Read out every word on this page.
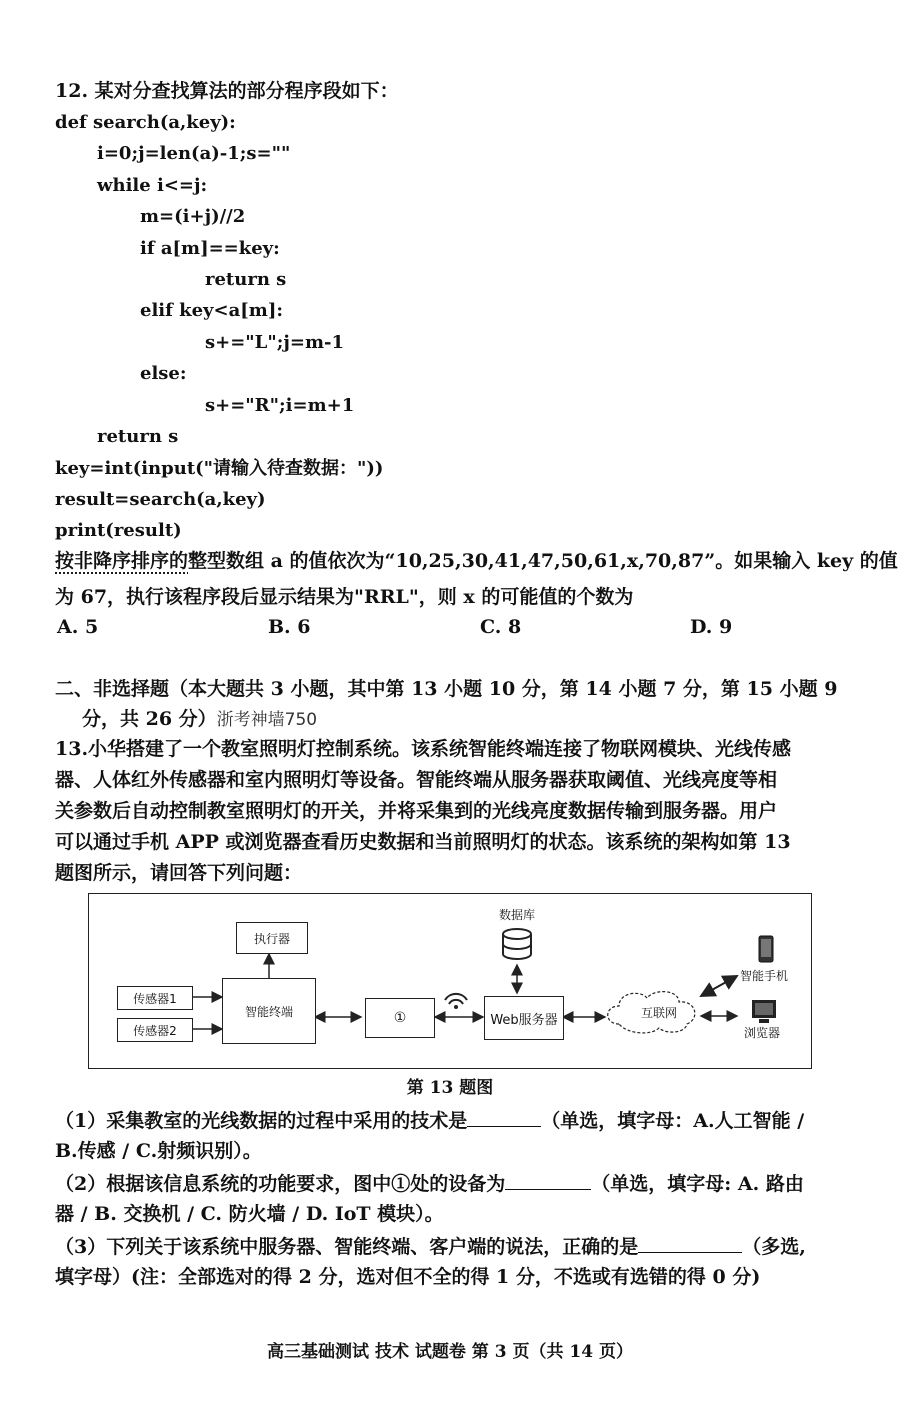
12. 某对分查找算法的部分程序段如下：
def search(a,key):
i=0;j=len(a)-1;s=""
while i<=j:
m=(i+j)//2
if a[m]==key:
return s
elif key<a[m]:
s+="L";j=m-1
else:
s+="R";i=m+1
return s
key=int(input("请输入待查数据："))
result=search(a,key)
print(result)
按非降序排序的整型数组 a 的值依次为“10,25,30,41,47,50,61,x,70,87”。如果输入 key 的值
为 67，执行该程序段后显示结果为"RRL"，则 x 的可能值的个数为
A. 5	B. 6	C. 8	D. 9
二、非选择题（本大题共 3 小题，其中第 13 小题 10 分，第 14 小题 7 分，第 15 小题 9
分，共 26 分）浙考神墙750
13.小华搭建了一个教室照明灯控制系统。该系统智能终端连接了物联网模块、光线传感
器、人体红外传感器和室内照明灯等设备。智能终端从服务器获取阈值、光线亮度等相
关参数后自动控制教室照明灯的开关，并将采集到的光线亮度数据传输到服务器。用户
可以通过手机 APP 或浏览器查看历史数据和当前照明灯的状态。该系统的架构如第 13
题图所示，请回答下列问题：
执行器
传感器1
传感器2
智能终端	①	Web服务器
数据库
互联网
智能手机
浏览器
第 13 题图
（1）采集教室的光线数据的过程中采用的技术是	（单选，填字母：A.人工智能 /
B.传感 / C.射频识别）。
（2）根据该信息系统的功能要求，图中①处的设备为	（单选，填字母: A. 路由
器 / B. 交换机 / C. 防火墙 / D. IoT 模块）。
（3）下列关于该系统中服务器、智能终端、客户端的说法，正确的是	（多选,
填字母）(注：全部选对的得 2 分，选对但不全的得 1 分，不选或有选错的得 0 分)
高三基础测试 技术 试题卷 第 3 页（共 14 页）
